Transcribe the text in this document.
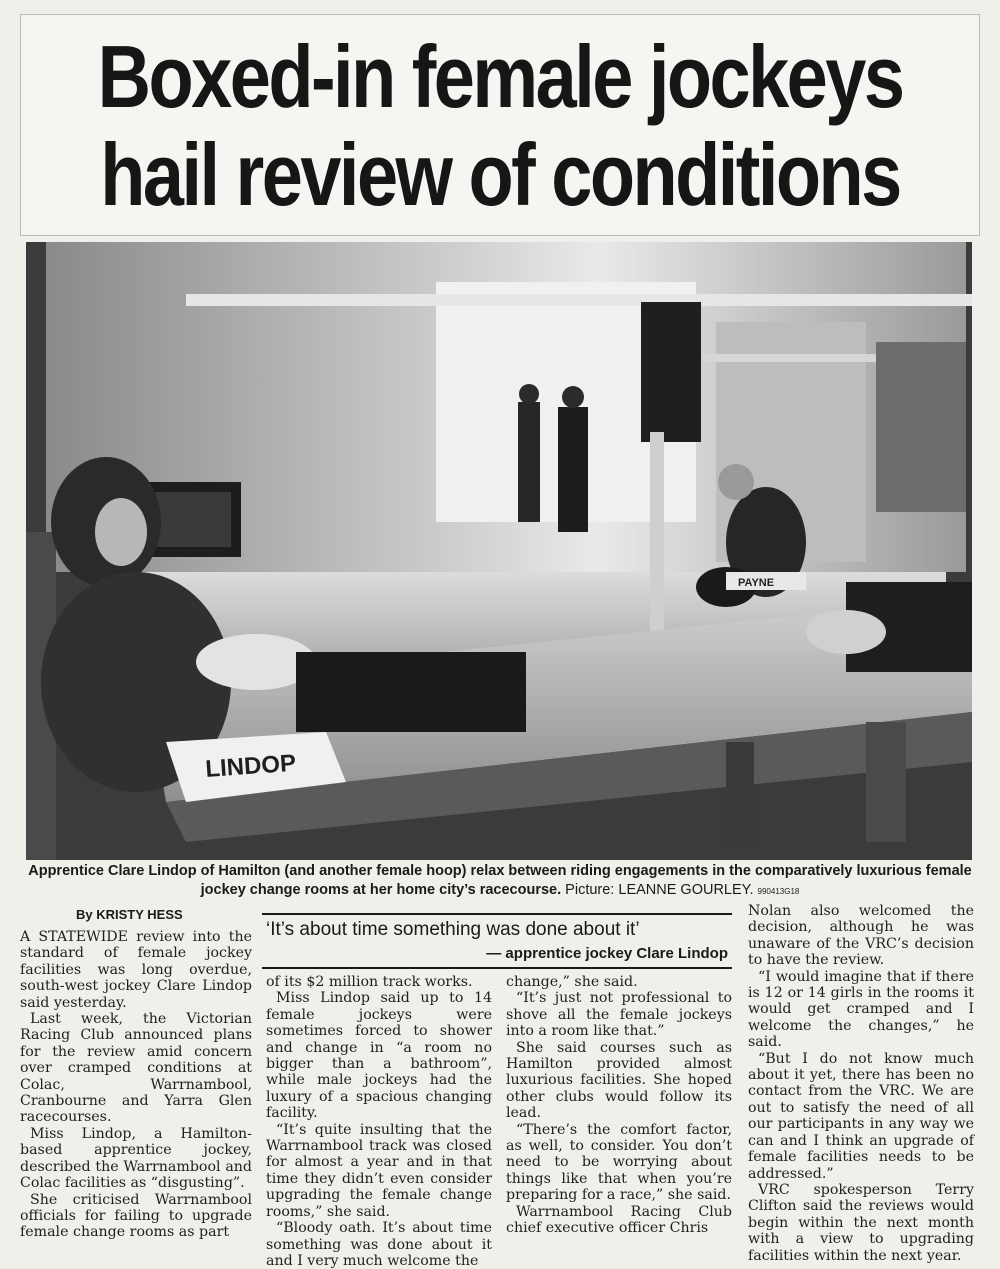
Boxed-in female jockeys
hail review of conditions
PAYNE
LINDOP
Apprentice Clare Lindop of Hamilton (and another female hoop) relax between riding engagements in the comparatively luxurious female jockey change rooms at her home city’s racecourse. Picture: LEANNE GOURLEY. 990413G18
By KRISTY HESS
‘It’s about time something was done about it’
— apprentice jockey Clare Lindop

A STATEWIDE review into the standard of female jockey facilities was long overdue, south-west jockey Clare Lindop said yesterday.

Last week, the Victorian Racing Club announced plans for the review amid concern over cramped conditions at Colac, Warrnambool, Cranbourne and Yarra Glen racecourses.

Miss Lindop, a Hamilton-based apprentice jockey, described the Warrnambool and Colac facilities as “disgusting”.

She criticised Warrnambool officials for failing to upgrade female change rooms as part

of its $2 million track works.

Miss Lindop said up to 14 female jockeys were sometimes forced to shower and change in “a room no bigger than a bathroom”, while male jockeys had the luxury of a spacious changing facility.

“It’s quite insulting that the Warrnambool track was closed for almost a year and in that time they didn’t even consider upgrading the female change rooms,” she said.

“Bloody oath. It’s about time something was done about it and I very much welcome the

change,” she said.

“It’s just not professional to shove all the female jockeys into a room like that.”

She said courses such as Hamilton provided almost luxurious facilities. She hoped other clubs would follow its lead.

“There’s the comfort factor, as well, to consider. You don’t need to be worrying about things like that when you’re preparing for a race,” she said.

Warrnambool Racing Club chief executive officer Chris

Nolan also welcomed the decision, although he was unaware of the VRC’s decision to have the review.

“I would imagine that if there is 12 or 14 girls in the rooms it would get cramped and I welcome the changes,” he said.

“But I do not know much about it yet, there has been no contact from the VRC. We are out to satisfy the need of all our participants in any way we can and I think an upgrade of female facilities needs to be addressed.”

VRC spokesperson Terry Clifton said the reviews would begin within the next month with a view to upgrading facilities within the next year.
